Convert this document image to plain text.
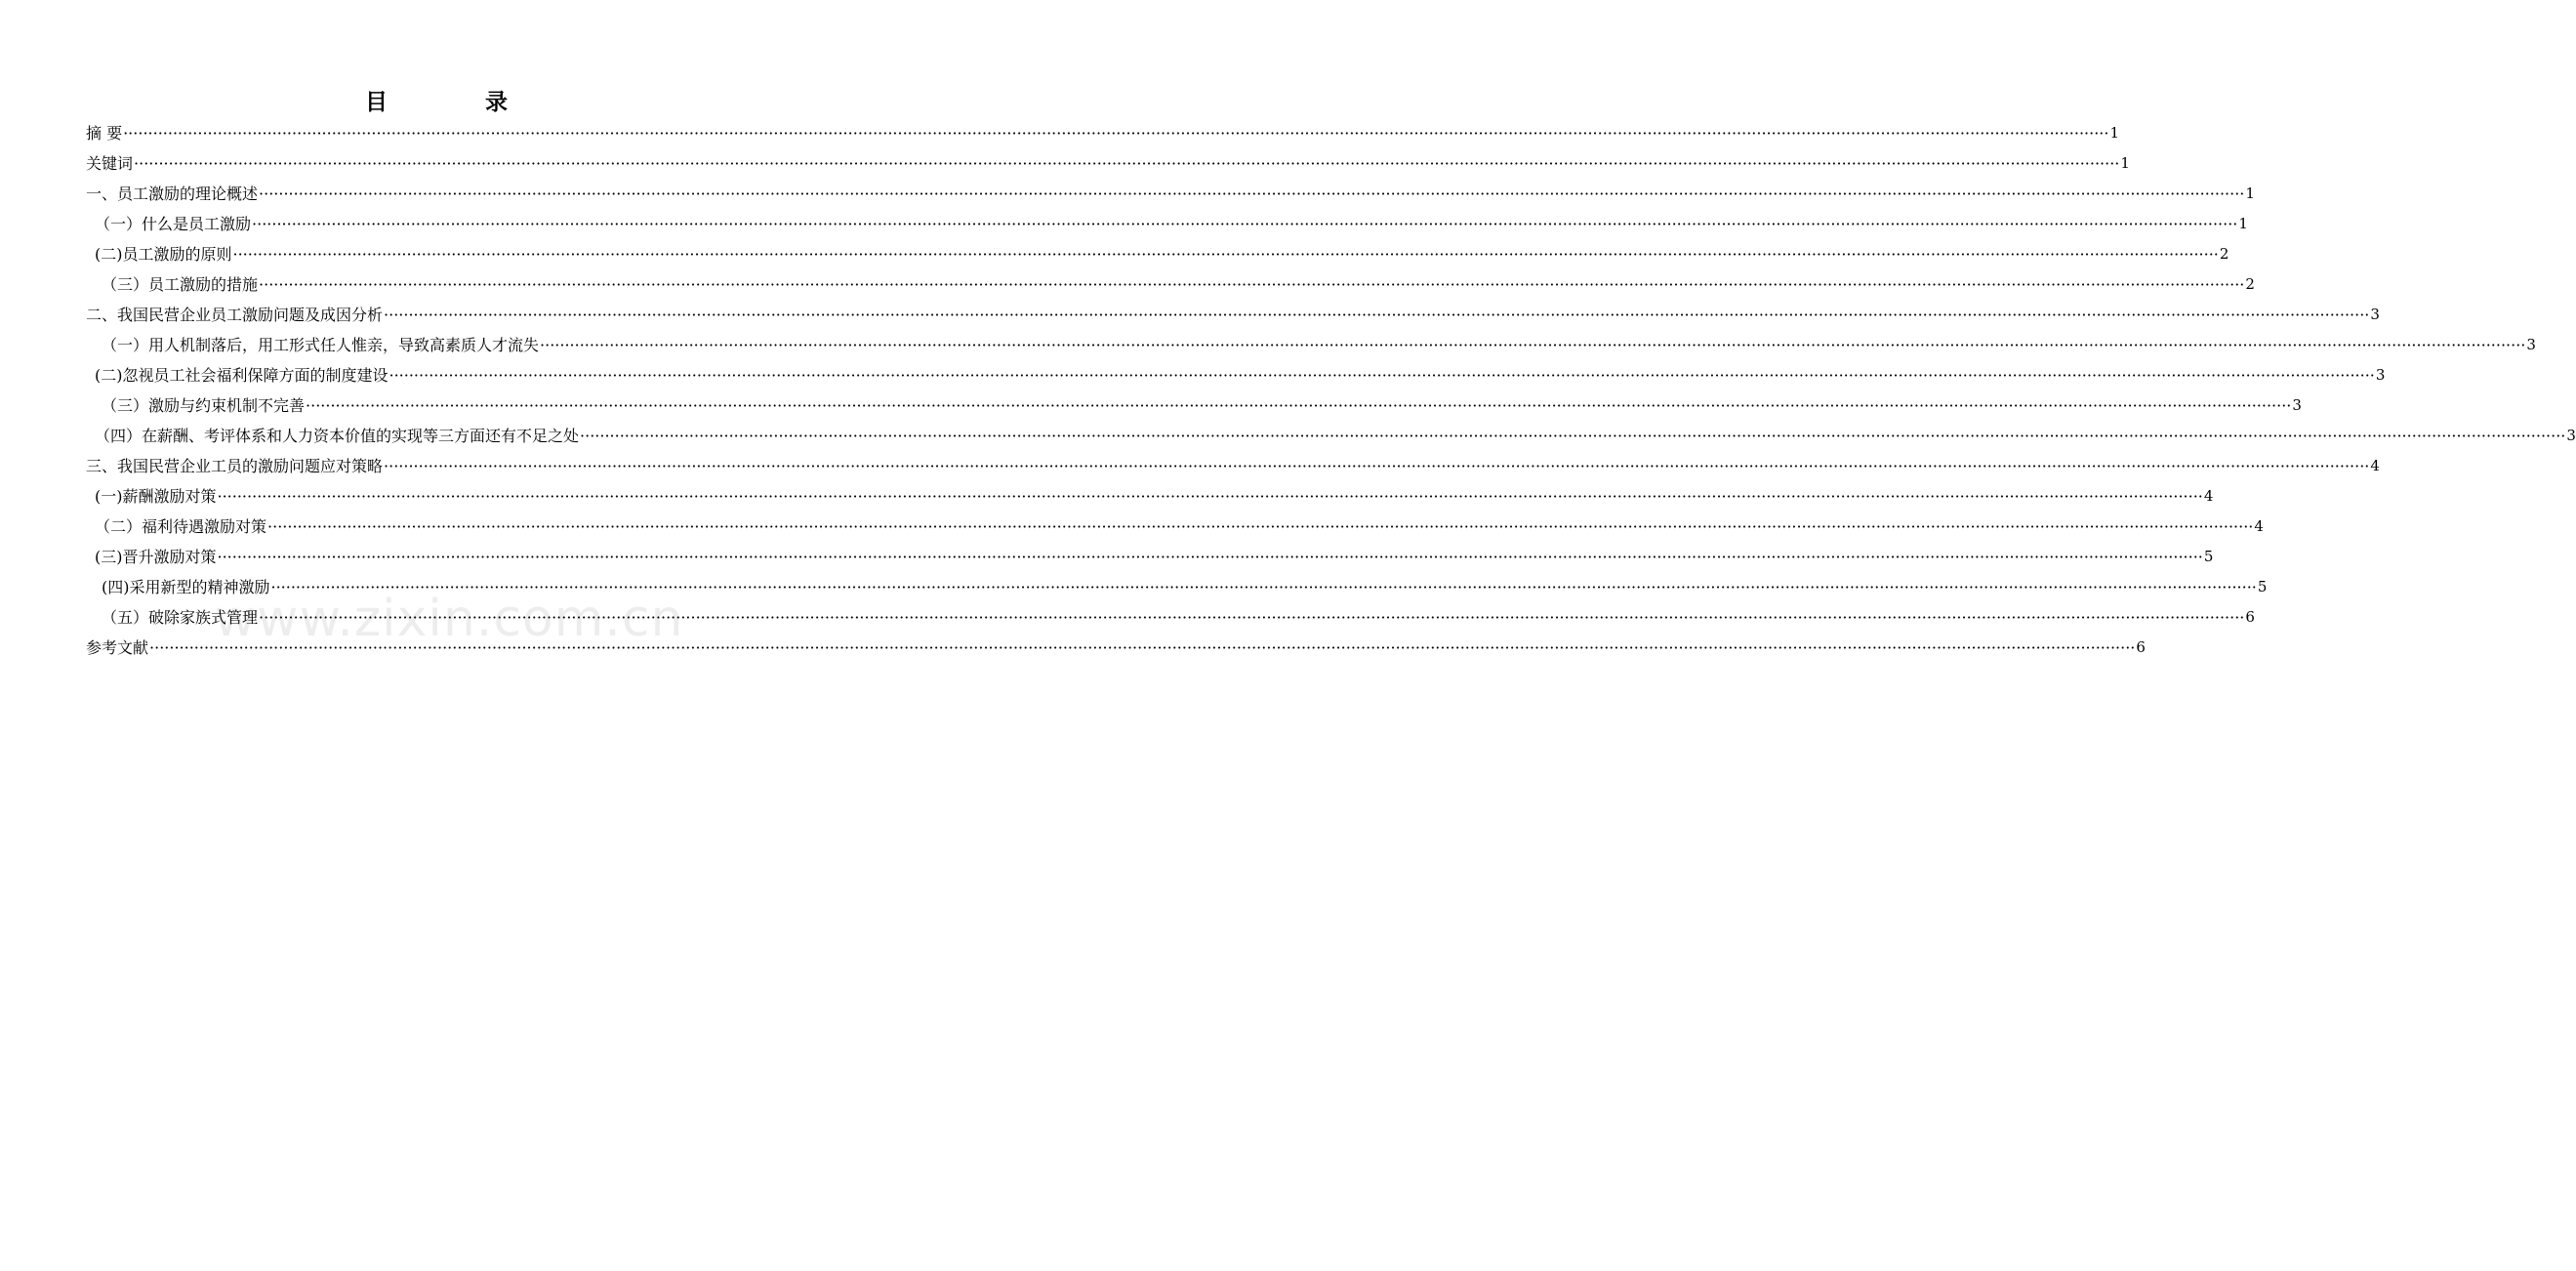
目 录
摘 要 ················································································································································································································································································································································································································ 1
关键词 ················································································································································································································································································································································································································ 1
一、员工激励的理论概述 ················································································································································································································································································································································································································ 1
（一）什么是员工激励 ················································································································································································································································································································································································································ 1
(二)员工激励的原则 ················································································································································································································································································································································································································ 2
（三）员工激励的措施 ················································································································································································································································································································································································································ 2
二、我国民营企业员工激励问题及成因分析 ················································································································································································································································································································································································································ 3
（一）用人机制落后，用工形式任人惟亲，导致高素质人才流失 ················································································································································································································································································································································································································ 3
(二)忽视员工社会福利保障方面的制度建设 ················································································································································································································································································································································································································ 3
（三）激励与约束机制不完善 ················································································································································································································································································································································································································ 3
（四）在薪酬、考评体系和人力资本价值的实现等三方面还有不足之处 ················································································································································································································································································································································································································ 3
三、我国民营企业工员的激励问题应对策略 ················································································································································································································································································································································································································ 4
(一)薪酬激励对策 ················································································································································································································································································································································································································ 4
（二）福利待遇激励对策 ················································································································································································································································································································································································································ 4
(三)晋升激励对策 ················································································································································································································································································································································································································ 5
(四)采用新型的精神激励 ················································································································································································································································································································································································································ 5
（五）破除家族式管理 ················································································································································································································································································································································································································ 6
参考文献 ················································································································································································································································································································································································································ 6
www.zixin.com.cn
